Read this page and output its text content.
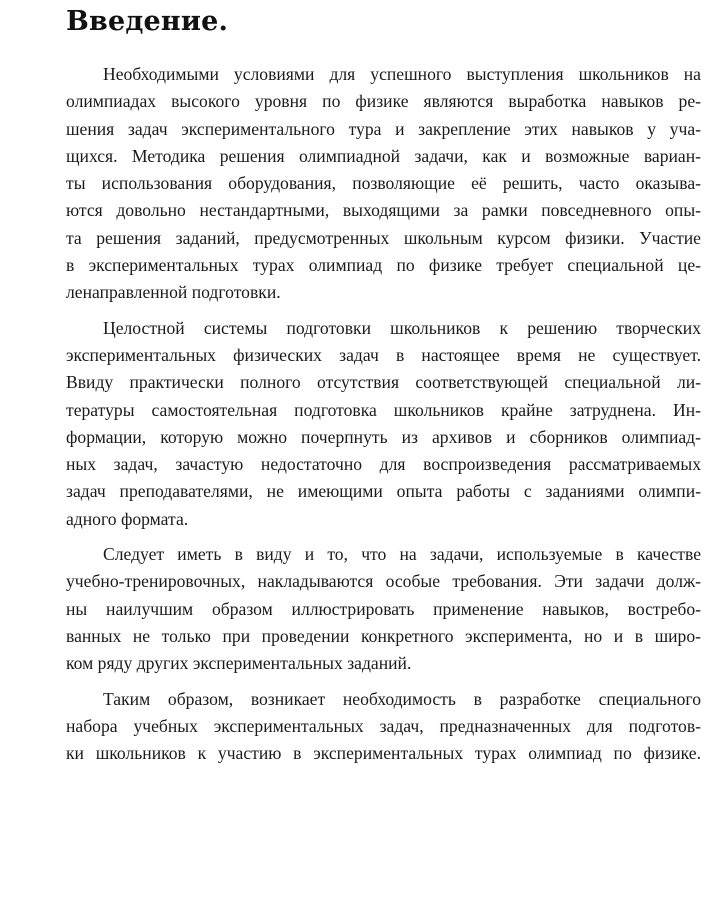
Введение.

Необходимыми условиями для успешного выступления школьников на
олимпиадах высокого уровня по физике являются выработка навыков ре-
шения задач экспериментального тура и закрепление этих навыков у уча-
щихся. Методика решения олимпиадной задачи, как и возможные вариан-
ты использования оборудования, позволяющие её решить, часто оказыва-
ются довольно нестандартными, выходящими за рамки повседневного опы-
та решения заданий, предусмотренных школьным курсом физики. Участие
в экспериментальных турах олимпиад по физике требует специальной це-
ленаправленной подготовки.

Целостной системы подготовки школьников к решению творческих
экспериментальных физических задач в настоящее время не существует.
Ввиду практически полного отсутствия соответствующей специальной ли-
тературы самостоятельная подготовка школьников крайне затруднена. Ин-
формации, которую можно почерпнуть из архивов и сборников олимпиад-
ных задач, зачастую недостаточно для воспроизведения рассматриваемых
задач преподавателями, не имеющими опыта работы с заданиями олимпи-
адного формата.

Следует иметь в виду и то, что на задачи, используемые в качестве
учебно-тренировочных, накладываются особые требования. Эти задачи долж-
ны наилучшим образом иллюстрировать применение навыков, востребо-
ванных не только при проведении конкретного эксперимента, но и в широ-
ком ряду других экспериментальных заданий.

Таким образом, возникает необходимость в разработке специального
набора учебных экспериментальных задач, предназначенных для подготов-
ки школьников к участию в экспериментальных турах олимпиад по физике.
